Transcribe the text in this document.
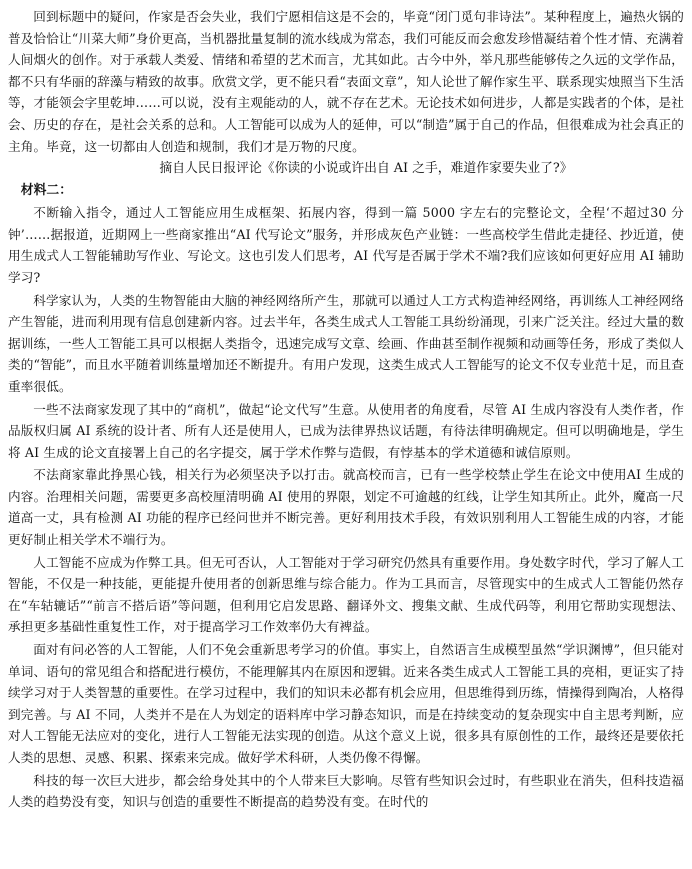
回到标题中的疑问，作家是否会失业，我们宁愿相信这是不会的，毕竟“闭门觅句非诗法”。某种程度上，遍热火锅的普及恰恰让“川菜大师”身价更高，当机器批量复制的流水线成为常态，我们可能反而会愈发珍惜凝结着个性才情、充满着人间烟火的创作。对于承载人类爱、情绪和希望的艺术而言，尤其如此。古今中外，举凡那些能够传之久远的文学作品，都不只有华丽的辞藻与精致的故事。欣赏文学，更不能只看“表面文章”，知人论世了解作家生平、联系现实烛照当下生活等，才能领会字里乾坤……可以说，没有主观能动的人，就不存在艺术。无论技术如何进步，人都是实践者的个体，是社会、历史的存在，是社会关系的总和。人工智能可以成为人的延伸，可以“制造”属于自己的作品，但很难成为社会真正的主角。毕竟，这一切都由人创造和规制，我们才是万物的尺度。

摘自人民日报评论《你读的小说或许出自 AI 之手，难道作家要失业了?》

材料二：

不断输入指令，通过人工智能应用生成框架、拓展内容，得到一篇 5000 字左右的完整论文，全程‘不超过30 分钟’……据报道，近期网上一些商家推出“AI 代写论文”服务，并形成灰色产业链：一些高校学生借此走捷径、抄近道，使用生成式人工智能辅助写作业、写论文。这也引发人们思考，AI 代写是否属于学术不端?我们应该如何更好应用 AI 辅助学习?

科学家认为，人类的生物智能由大脑的神经网络所产生，那就可以通过人工方式构造神经网络，再训练人工神经网络产生智能，进而利用现有信息创建新内容。过去半年，各类生成式人工智能工具纷纷涌现，引来广泛关注。经过大量的数据训练，一些人工智能工具可以根据人类指令，迅速完成写文章、绘画、作曲甚至制作视频和动画等任务，形成了类似人类的“智能”，而且水平随着训练量增加还不断提升。有用户发现，这类生成式人工智能写的论文不仅专业范十足，而且查重率很低。

一些不法商家发现了其中的“商机”，做起“论文代写”生意。从使用者的角度看，尽管 AI 生成内容没有人类作者，作品版权归属 AI 系统的设计者、所有人还是使用人，已成为法律界热议话题，有待法律明确规定。但可以明确地是，学生将 AI 生成的论文直接署上自己的名字提交，属于学术作弊与造假，有悖基本的学术道德和诚信原则。

不法商家靠此挣黑心钱，相关行为必须坚决予以打击。就高校而言，已有一些学校禁止学生在论文中使用AI 生成的内容。治理相关问题，需要更多高校厘清明确 AI 使用的界限，划定不可逾越的红线，让学生知其所止。此外，魔高一尺道高一丈，具有检测 AI 功能的程序已经问世并不断完善。更好利用技术手段，有效识别利用人工智能生成的内容，才能更好制止相关学术不端行为。

人工智能不应成为作弊工具。但无可否认，人工智能对于学习研究仍然具有重要作用。身处数字时代，学习了解人工智能，不仅是一种技能，更能提升使用者的创新思维与综合能力。作为工具而言，尽管现实中的生成式人工智能仍然存在“车轱辘话”“前言不搭后语”等问题，但利用它启发思路、翻译外文、搜集文献、生成代码等，利用它帮助实现想法、承担更多基础性重复性工作，对于提高学习工作效率仍大有裨益。

面对有问必答的人工智能，人们不免会重新思考学习的价值。事实上，自然语言生成模型虽然“学识渊博”，但只能对单词、语句的常见组合和搭配进行模仿，不能理解其内在原因和逻辑。近来各类生成式人工智能工具的亮相，更证实了持续学习对于人类智慧的重要性。在学习过程中，我们的知识未必都有机会应用，但思维得到历练，情操得到陶冶，人格得到完善。与 AI 不同，人类并不是在人为划定的语料库中学习静态知识，而是在持续变动的复杂现实中自主思考判断，应对人工智能无法应对的变化，进行人工智能无法实现的创造。从这个意义上说，很多具有原创性的工作，最终还是要依托人类的思想、灵感、积累、探索来完成。做好学术科研，人类仍像不得懈。

科技的每一次巨大进步，都会给身处其中的个人带来巨大影响。尽管有些知识会过时，有些职业在消失，但科技造福人类的趋势没有变，知识与创造的重要性不断提高的趋势没有变。在时代的
